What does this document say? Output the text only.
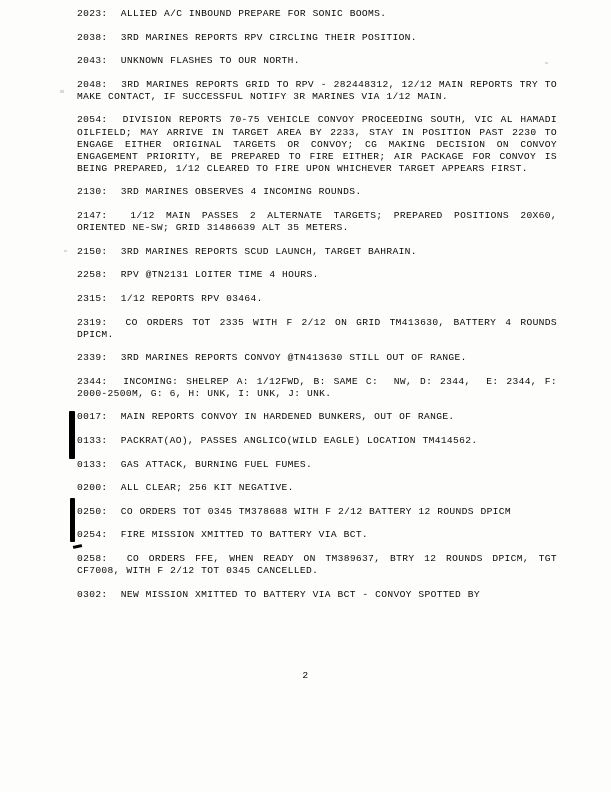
2023:  ALLIED A/C INBOUND PREPARE FOR SONIC BOOMS.
2038:  3RD MARINES REPORTS RPV CIRCLING THEIR POSITION.
2043:  UNKNOWN FLASHES TO OUR NORTH.
2048:  3RD MARINES REPORTS GRID TO RPV - 282448312, 12/12 MAIN REPORTS TRY TO MAKE CONTACT, IF SUCCESSFUL NOTIFY 3R MARINES VIA 1/12 MAIN.
2054:  DIVISION REPORTS 70-75 VEHICLE CONVOY PROCEEDING SOUTH, VIC AL HAMADI OILFIELD; MAY ARRIVE IN TARGET AREA BY 2233, STAY IN POSITION PAST 2230 TO ENGAGE EITHER ORIGINAL TARGETS OR CONVOY; CG MAKING DECISION ON CONVOY ENGAGEMENT PRIORITY, BE PREPARED TO FIRE EITHER; AIR PACKAGE FOR CONVOY IS BEING PREPARED, 1/12 CLEARED TO FIRE UPON WHICHEVER TARGET APPEARS FIRST.
2130:  3RD MARINES OBSERVES 4 INCOMING ROUNDS.
2147:  1/12 MAIN PASSES 2 ALTERNATE TARGETS; PREPARED POSITIONS 20X60, ORIENTED NE-SW; GRID 31486639 ALT 35 METERS.
2150:  3RD MARINES REPORTS SCUD LAUNCH, TARGET BAHRAIN.
2258:  RPV @TN2131 LOITER TIME 4 HOURS.
2315:  1/12 REPORTS RPV 03464.
2319:  CO ORDERS TOT 2335 WITH F 2/12 ON GRID TM413630, BATTERY 4 ROUNDS DPICM.
2339:  3RD MARINES REPORTS CONVOY @TN413630 STILL OUT OF RANGE.
2344:  INCOMING: SHELREP A: 1/12FWD, B: SAME C:  NW, D: 2344,  E: 2344, F: 2000-2500M, G: 6, H: UNK, I: UNK, J: UNK.
0017:  MAIN REPORTS CONVOY IN HARDENED BUNKERS, OUT OF RANGE.
0133:  PACKRAT(AO), PASSES ANGLICO(WILD EAGLE) LOCATION TM414562.
0133:  GAS ATTACK, BURNING FUEL FUMES.
0200:  ALL CLEAR; 256 KIT NEGATIVE.
0250:  CO ORDERS TOT 0345 TM378688 WITH F 2/12 BATTERY 12 ROUNDS DPICM
0254:  FIRE MISSION XMITTED TO BATTERY VIA BCT.
0258:  CO ORDERS FFE, WHEN READY ON TM389637, BTRY 12 ROUNDS DPICM, TGT CF7008, WITH F 2/12 TOT 0345 CANCELLED.
0302:  NEW MISSION XMITTED TO BATTERY VIA BCT - CONVOY SPOTTED BY
2
